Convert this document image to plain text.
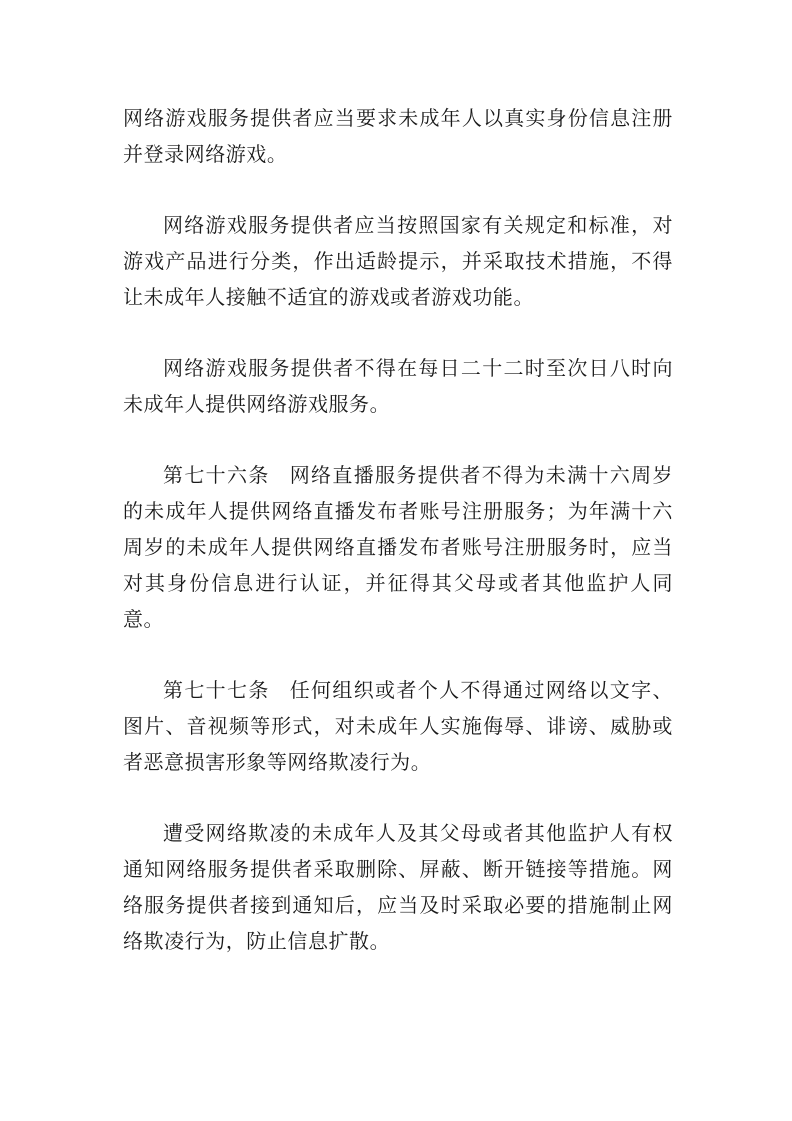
网络游戏服务提供者应当要求未成年人以真实身份信息注册并登录网络游戏。

网络游戏服务提供者应当按照国家有关规定和标准，对游戏产品进行分类，作出适龄提示，并采取技术措施，不得让未成年人接触不适宜的游戏或者游戏功能。

网络游戏服务提供者不得在每日二十二时至次日八时向未成年人提供网络游戏服务。

第七十六条 网络直播服务提供者不得为未满十六周岁的未成年人提供网络直播发布者账号注册服务；为年满十六周岁的未成年人提供网络直播发布者账号注册服务时，应当对其身份信息进行认证，并征得其父母或者其他监护人同意。

第七十七条 任何组织或者个人不得通过网络以文字、图片、音视频等形式，对未成年人实施侮辱、诽谤、威胁或者恶意损害形象等网络欺凌行为。

遭受网络欺凌的未成年人及其父母或者其他监护人有权通知网络服务提供者采取删除、屏蔽、断开链接等措施。网络服务提供者接到通知后，应当及时采取必要的措施制止网络欺凌行为，防止信息扩散。
